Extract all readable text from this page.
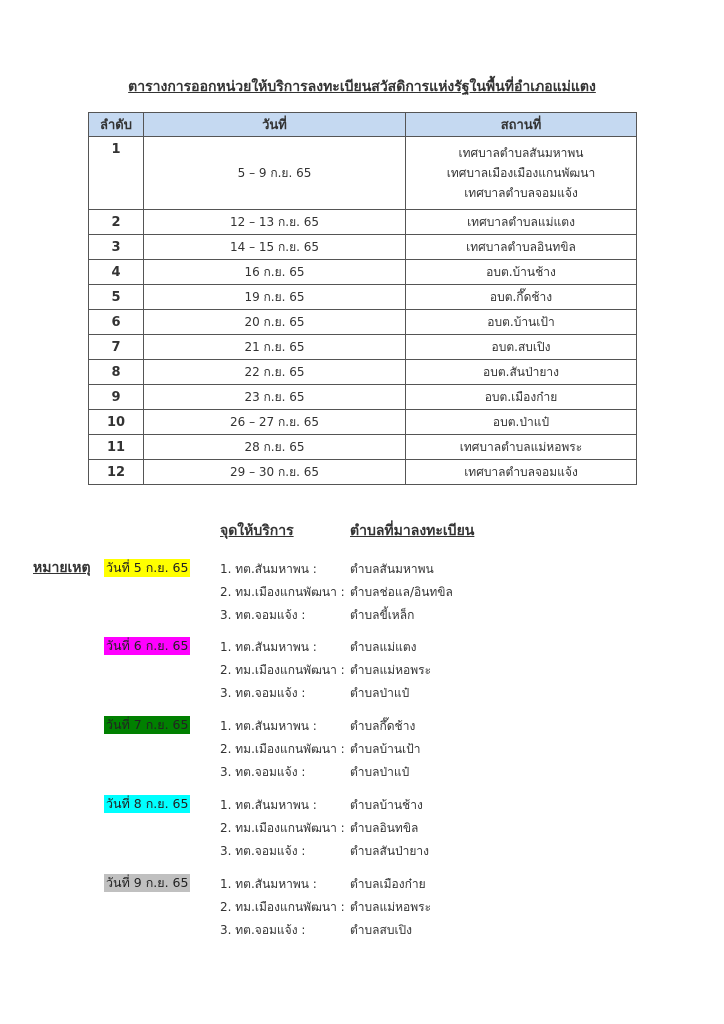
ตารางการออกหน่วยให้บริการลงทะเบียนสวัสดิการแห่งรัฐในพื้นที่อำเภอแม่แตง
ลำดับ	วันที่	สถานที่
1	5 – 9 ก.ย. 65	เทศบาลตำบลสันมหาพน
เทศบาลเมืองเมืองแกนพัฒนา
เทศบาลตำบลจอมแจ้ง

2	12 – 13 ก.ย. 65	เทศบาลตำบลแม่แตง
3	14 – 15 ก.ย. 65	เทศบาลตำบลอินทขิล
4	16 ก.ย. 65	อบต.บ้านช้าง
5	19 ก.ย. 65	อบต.กึ๊ดช้าง
6	20 ก.ย. 65	อบต.บ้านเป้า
7	21 ก.ย. 65	อบต.สบเปิง
8	22 ก.ย. 65	อบต.สันป่ายาง
9	23 ก.ย. 65	อบต.เมืองก๋าย
10	26 – 27 ก.ย. 65	อบต.ป่าแป๋
11	28 ก.ย. 65	เทศบาลตำบลแม่หอพระ
12	29 – 30 ก.ย. 65	เทศบาลตำบลจอมแจ้ง
จุดให้บริการ	ตำบลที่มาลงทะเบียน
หมายเหตุ วันที่ 5 ก.ย. 65	1. ทต.สันมหาพน :	ตำบลสันมหาพน
2. ทม.เมืองแกนพัฒนา : ตำบลช่อแล/อินทขิล
3. ทต.จอมแจ้ง :	ตำบลขี้เหล็ก
วันที่ 6 ก.ย. 65	1. ทต.สันมหาพน :	ตำบลแม่แตง
2. ทม.เมืองแกนพัฒนา : ตำบลแม่หอพระ
3. ทต.จอมแจ้ง :	ตำบลป่าแป๋
วันที่ 7 ก.ย. 65	1. ทต.สันมหาพน :	ตำบลกึ๊ดช้าง
2. ทม.เมืองแกนพัฒนา : ตำบลบ้านเป้า
3. ทต.จอมแจ้ง :	ตำบลป่าแป๋
วันที่ 8 ก.ย. 65	1. ทต.สันมหาพน :	ตำบลบ้านช้าง
2. ทม.เมืองแกนพัฒนา : ตำบลอินทขิล
3. ทต.จอมแจ้ง :	ตำบลสันป่ายาง
วันที่ 9 ก.ย. 65	1. ทต.สันมหาพน :	ตำบลเมืองก๋าย
2. ทม.เมืองแกนพัฒนา : ตำบลแม่หอพระ
3. ทต.จอมแจ้ง :	ตำบลสบเปิง
